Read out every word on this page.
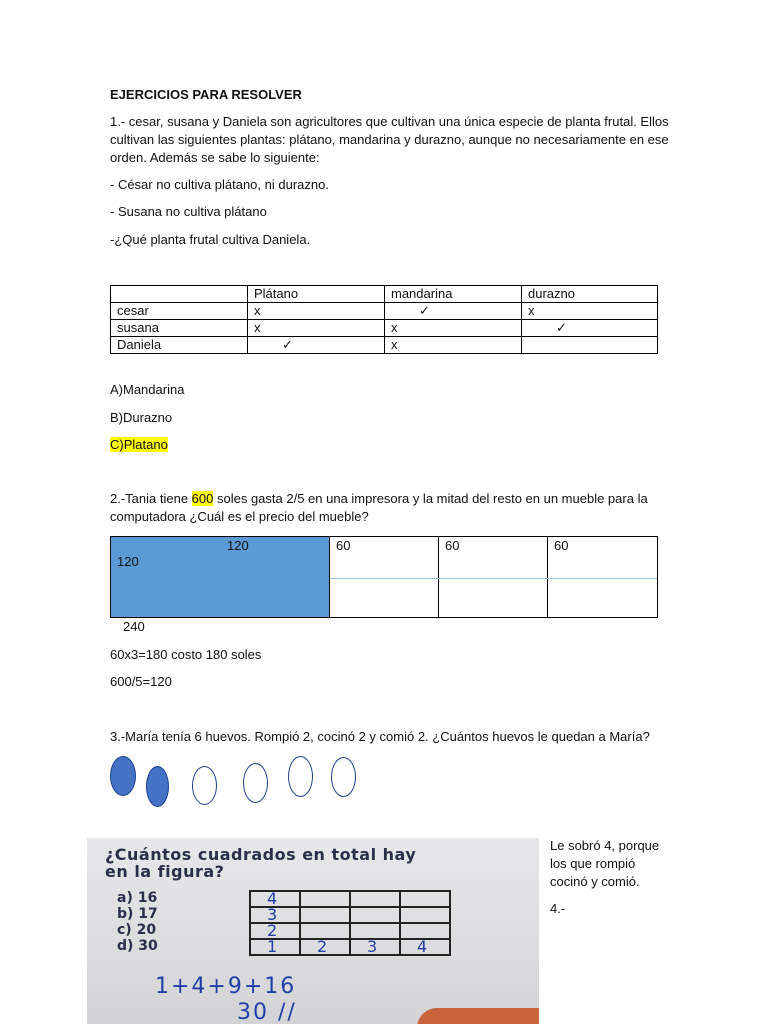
EJERCICIOS PARA RESOLVER
1.- cesar, susana y Daniela son agricultores que cultivan una única especie de planta frutal. Ellos cultivan las siguientes plantas: plátano, mandarina y durazno, aunque no necesariamente en ese orden. Además se sabe lo siguiente:
- César no cultiva plátano, ni durazno.
- Susana no cultiva plátano
-¿Qué planta frutal cultiva Daniela.
	Plátano	mandarina	durazno
cesar	x	✓	x
susana	x	x	✓
Daniela	✓	x	
A)Mandarina
B)Durazno
C)Platano
2.-Tania tiene 600 soles gasta 2/5 en una impresora y la mitad del resto en un mueble para la computadora ¿Cuál es el precio del mueble?
120
120	60	60	60
240
60x3=180 costo 180 soles
600/5=120
3.-María tenía 6 huevos. Rompió 2, cocinó 2 y comió 2. ¿Cuántos huevos le quedan a María?
Le sobró 4, porque
los que rompió
cocinó y comió.
4.-
¿Cuántos cuadrados en total hay
en la figura?
a) 16
b) 17
c) 20
d) 30
4			
3			
2			
1	2	3	4
1+4+9+16
30 //
